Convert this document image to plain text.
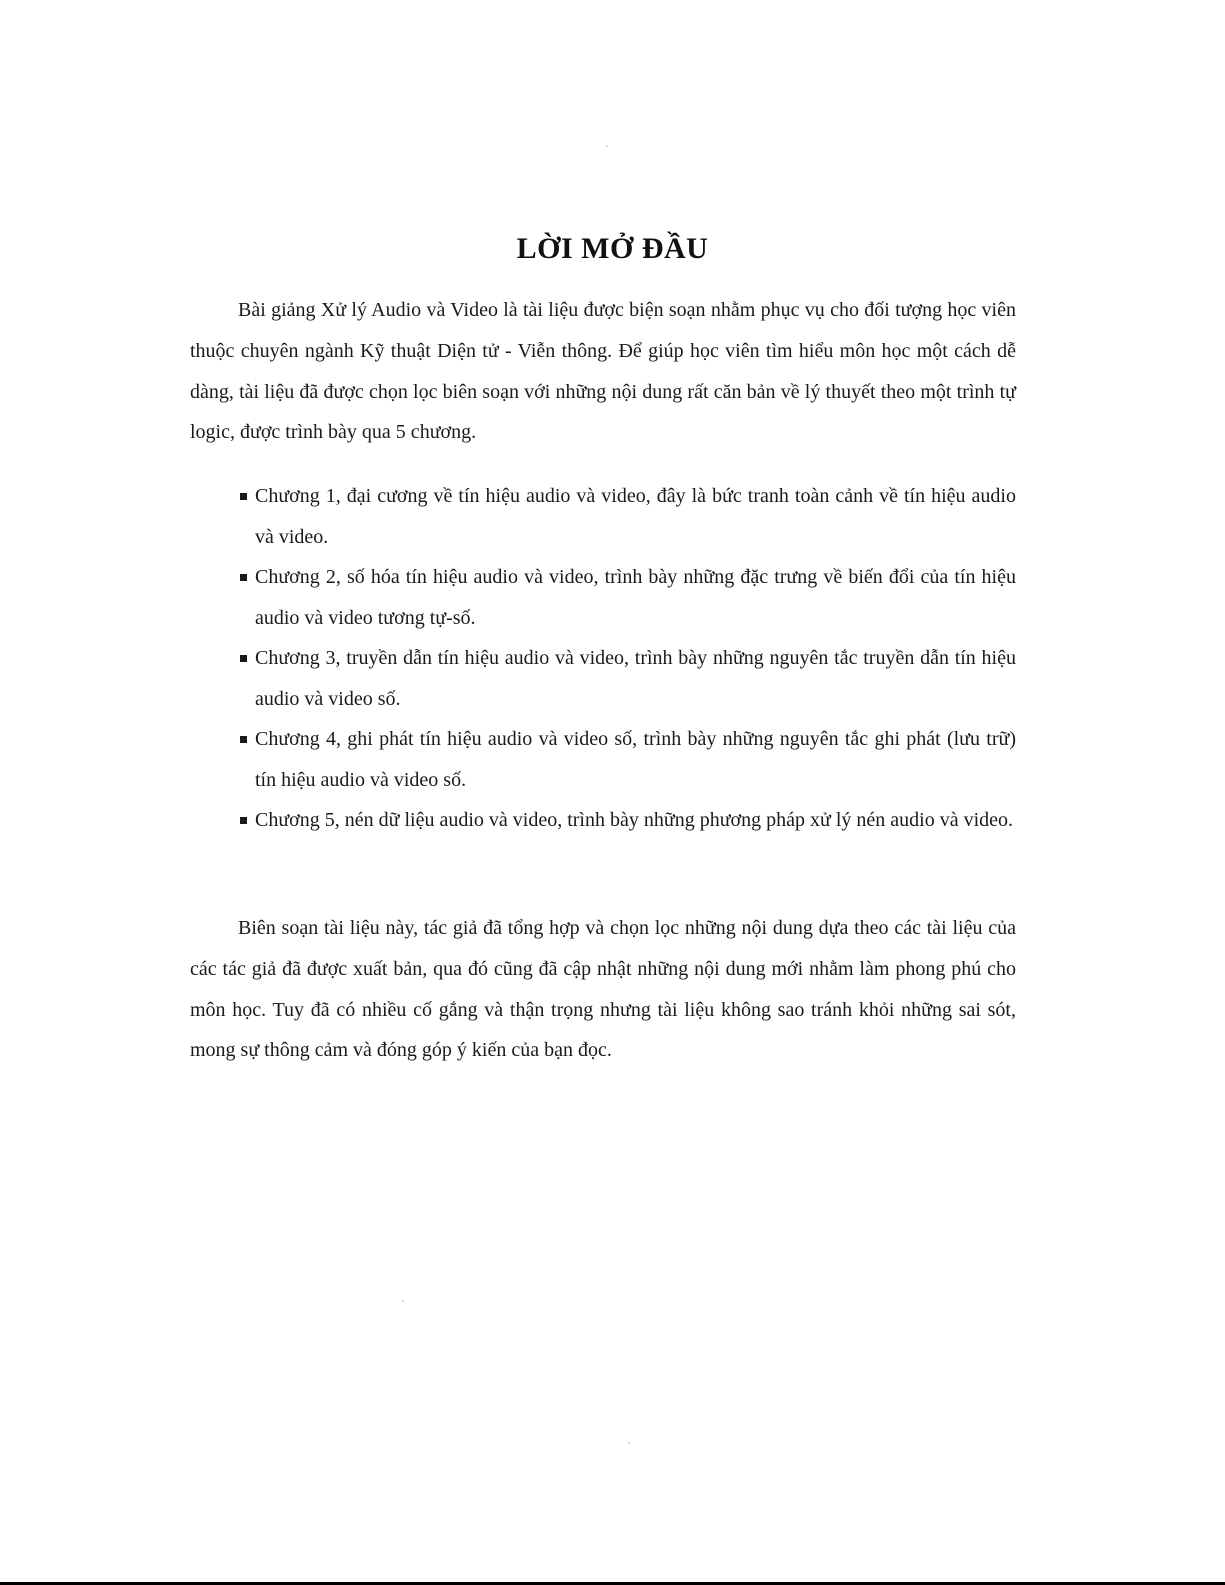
LỜI MỞ ĐẦU

Bài giảng Xử lý Audio và Video là tài liệu được biện soạn nhằm phục vụ cho đối tượng học viên thuộc chuyên ngành Kỹ thuật Diện tử - Viễn thông. Để giúp học viên tìm hiểu môn học một cách dễ dàng, tài liệu đã được chọn lọc biên soạn với những nội dung rất căn bản về lý thuyết theo một trình tự logic, được trình bày qua 5 chương.

Chương 1, đại cương về tín hiệu audio và video, đây là bức tranh toàn cảnh về tín hiệu audio và video.
Chương 2, số hóa tín hiệu audio và video, trình bày những đặc trưng về biến đổi của tín hiệu audio và video tương tự-số.
Chương 3, truyền dẫn tín hiệu audio và video, trình bày những nguyên tắc truyền dẫn tín hiệu audio và video số.
Chương 4, ghi phát tín hiệu audio và video số, trình bày những nguyên tắc ghi phát (lưu trữ) tín hiệu audio và video số.
Chương 5, nén dữ liệu audio và video, trình bày những phương pháp xử lý nén audio và video.

Biên soạn tài liệu này, tác giả đã tổng hợp và chọn lọc những nội dung dựa theo các tài liệu của các tác giả đã được xuất bản, qua đó cũng đã cập nhật những nội dung mới nhằm làm phong phú cho môn học. Tuy đã có nhiều cố gắng và thận trọng nhưng tài liệu không sao tránh khỏi những sai sót, mong sự thông cảm và đóng góp ý kiến của bạn đọc.
